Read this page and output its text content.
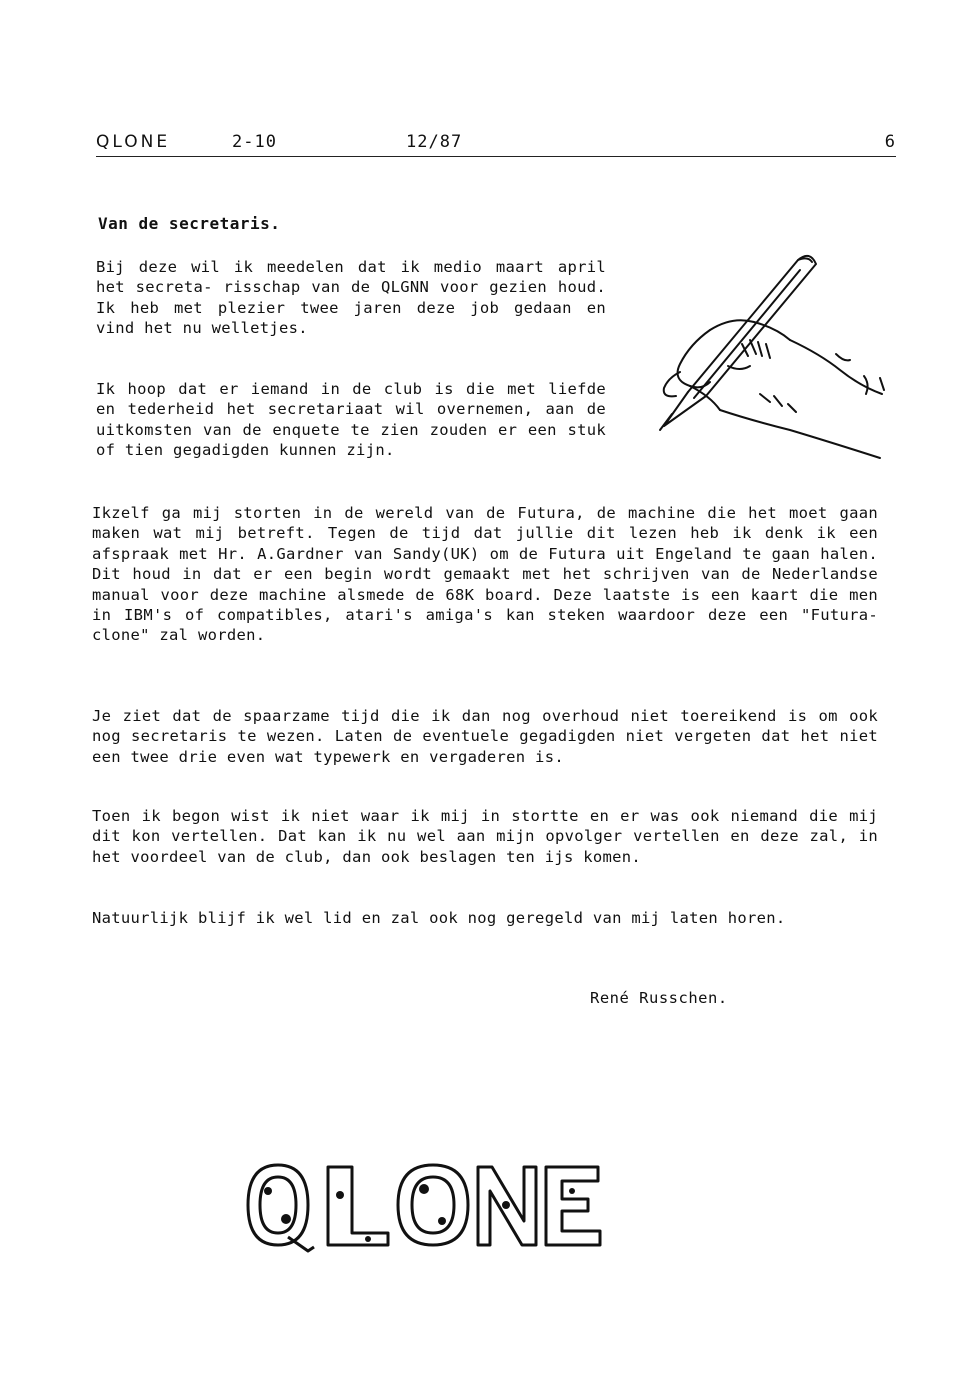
QLONE	2-10	12/87	6
Van de secretaris.

Bij deze wil ik meedelen dat ik medio maart april het secreta- risschap van de QLGNN voor gezien houd. Ik heb met plezier twee jaren deze job gedaan en vind het nu welletjes.

Ik hoop dat er iemand in de club is die met liefde en tederheid het secretariaat wil overnemen, aan de uitkomsten van de enquete te zien zouden er een stuk of tien gegadigden kunnen zijn.

Ikzelf ga mij storten in de wereld van de Futura, de machine die het moet gaan maken wat mij betreft. Tegen de tijd dat jullie dit lezen heb ik denk ik een afspraak met Hr. A.Gardner van Sandy(UK) om de Futura uit Engeland te gaan halen. Dit houd in dat er een begin wordt gemaakt met het schrijven van de Nederlandse manual voor deze machine alsmede de 68K board. Deze laatste is een kaart die men in IBM's of compatibles, atari's amiga's kan steken waardoor deze een "Futura-clone" zal worden.

Je ziet dat de spaarzame tijd die ik dan nog overhoud niet toereikend is om ook nog secretaris te wezen. Laten de eventuele gegadigden niet vergeten dat het niet een twee drie even wat typewerk en vergaderen is.

Toen ik begon wist ik niet waar ik mij in stortte en er was ook niemand die mij dit kon vertellen. Dat kan ik nu wel aan mijn opvolger vertellen en deze zal, in het voordeel van de club, dan ook beslagen ten ijs komen.

Natuurlijk blijf ik wel lid en zal ook nog geregeld van mij laten horen.

René Russchen.
